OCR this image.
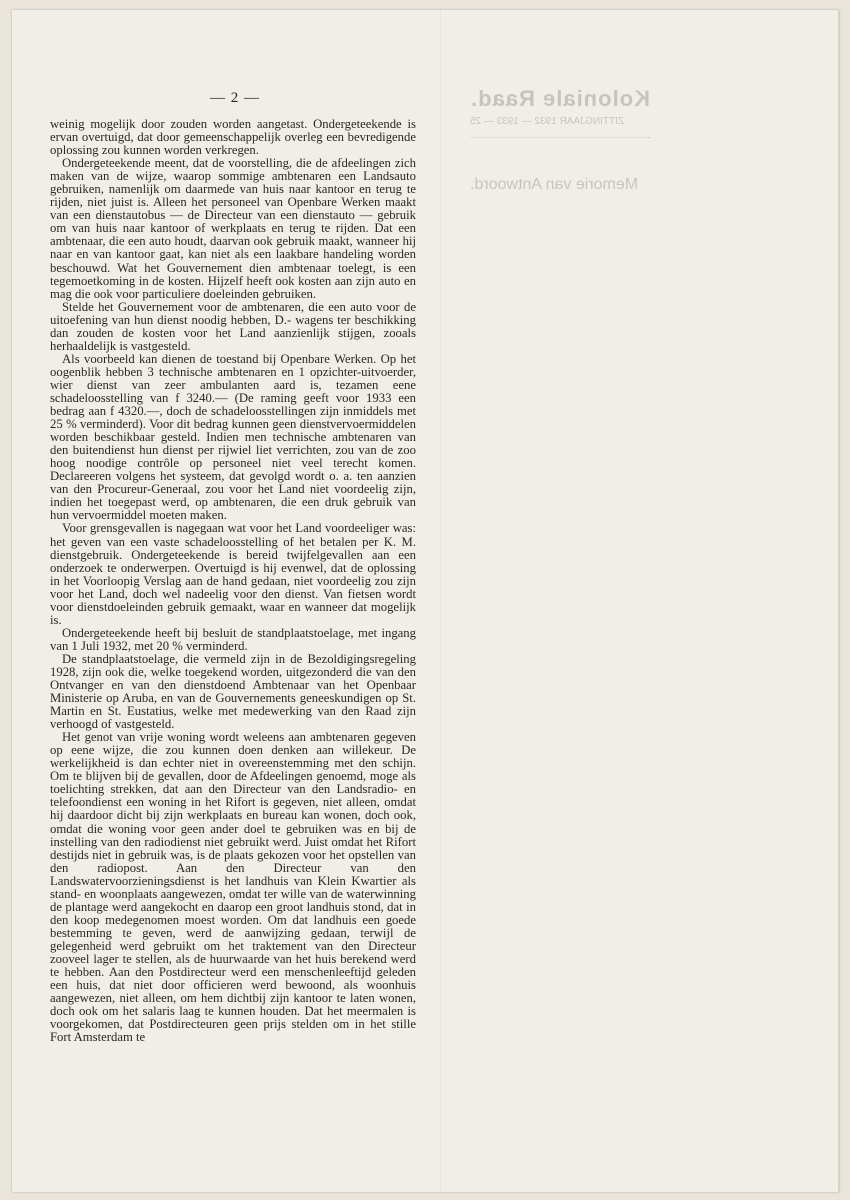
Koloniale Raad.
ZITTINGJAAR 1932 — 1933 — 25
Memorie van Antwoord.
— 2 —

weinig mogelijk door zouden worden aangetast. Ondergeteekende is ervan overtuigd, dat door gemeenschappelijk overleg een bevredigende oplossing zou kunnen worden verkregen.

Ondergeteekende meent, dat de voorstelling, die de afdeelingen zich maken van de wijze, waarop sommige ambtenaren een Landsauto gebruiken, namenlijk om daarmede van huis naar kantoor en terug te rijden, niet juist is. Alleen het personeel van Openbare Werken maakt van een dienstautobus — de Directeur van een dienstauto — gebruik om van huis naar kantoor of werkplaats en terug te rijden. Dat een ambtenaar, die een auto houdt, daarvan ook gebruik maakt, wanneer hij naar en van kantoor gaat, kan niet als een laakbare handeling worden beschouwd. Wat het Gouvernement dien ambtenaar toelegt, is een tegemoetkoming in de kosten. Hijzelf heeft ook kosten aan zijn auto en mag die ook voor particuliere doeleinden gebruiken.

Stelde het Gouvernement voor de ambtenaren, die een auto voor de uitoefening van hun dienst noodig hebben, D.- wagens ter beschikking dan zouden de kosten voor het Land aanzienlijk stijgen, zooals herhaaldelijk is vastgesteld.

Als voorbeeld kan dienen de toestand bij Openbare Werken. Op het oogenblik hebben 3 technische ambtenaren en 1 opzichter-uitvoerder, wier dienst van zeer ambulanten aard is, tezamen eene schadeloosstelling van f 3240.— (De raming geeft voor 1933 een bedrag aan f 4320.—, doch de schadeloosstellingen zijn inmiddels met 25 % verminderd). Voor dit bedrag kunnen geen dienstvervoermiddelen worden beschikbaar gesteld. Indien men technische ambtenaren van den buitendienst hun dienst per rijwiel liet verrichten, zou van de zoo hoog noodige contrôle op personeel niet veel terecht komen. Declareeren volgens het systeem, dat gevolgd wordt o. a. ten aanzien van den Procureur-Generaal, zou voor het Land niet voordeelig zijn, indien het toegepast werd, op ambtenaren, die een druk gebruik van hun vervoermiddel moeten maken.

Voor grensgevallen is nagegaan wat voor het Land voordeeliger was: het geven van een vaste schadeloosstelling of het betalen per K. M. dienstgebruik. Ondergeteekende is bereid twijfelgevallen aan een onderzoek te onderwerpen. Overtuigd is hij evenwel, dat de oplossing in het Voorloopig Verslag aan de hand gedaan, niet voordeelig zou zijn voor het Land, doch wel nadeelig voor den dienst. Van fietsen wordt voor dienstdoeleinden gebruik gemaakt, waar en wanneer dat mogelijk is.

Ondergeteekende heeft bij besluit de standplaatstoelage, met ingang van 1 Juli 1932, met 20 % verminderd.

De standplaatstoelage, die vermeld zijn in de Bezoldigingsregeling 1928, zijn ook die, welke toegekend worden, uitgezonderd die van den Ontvanger en van den dienstdoend Ambtenaar van het Openbaar Ministerie op Aruba, en van de Gouvernements geneeskundigen op St. Martin en St. Eustatius, welke met medewerking van den Raad zijn verhoogd of vastgesteld.

Het genot van vrije woning wordt weleens aan ambtenaren gegeven op eene wijze, die zou kunnen doen denken aan willekeur. De werkelijkheid is dan echter niet in overeenstemming met den schijn. Om te blijven bij de gevallen, door de Afdeelingen genoemd, moge als toelichting strekken, dat aan den Directeur van den Landsradio- en telefoondienst een woning in het Rifort is gegeven, niet alleen, omdat hij daardoor dicht bij zijn werkplaats en bureau kan wonen, doch ook, omdat die woning voor geen ander doel te gebruiken was en bij de instelling van den radiodienst niet gebruikt werd. Juist omdat het Rifort destijds niet in gebruik was, is de plaats gekozen voor het opstellen van den radiopost. Aan den Directeur van den Landswatervoorzieningsdienst is het landhuis van Klein Kwartier als stand- en woonplaats aangewezen, omdat ter wille van de waterwinning de plantage werd aangekocht en daarop een groot landhuis stond, dat in den koop medegenomen moest worden. Om dat landhuis een goede bestemming te geven, werd de aanwijzing gedaan, terwijl de gelegenheid werd gebruikt om het traktement van den Directeur zooveel lager te stellen, als de huurwaarde van het huis berekend werd te hebben. Aan den Postdirecteur werd een menschenleeftijd geleden een huis, dat niet door officieren werd bewoond, als woonhuis aangewezen, niet alleen, om hem dichtbij zijn kantoor te laten wonen, doch ook om het salaris laag te kunnen houden. Dat het meermalen is voorgekomen, dat Postdirecteuren geen prijs stelden om in het stille Fort Amsterdam te
